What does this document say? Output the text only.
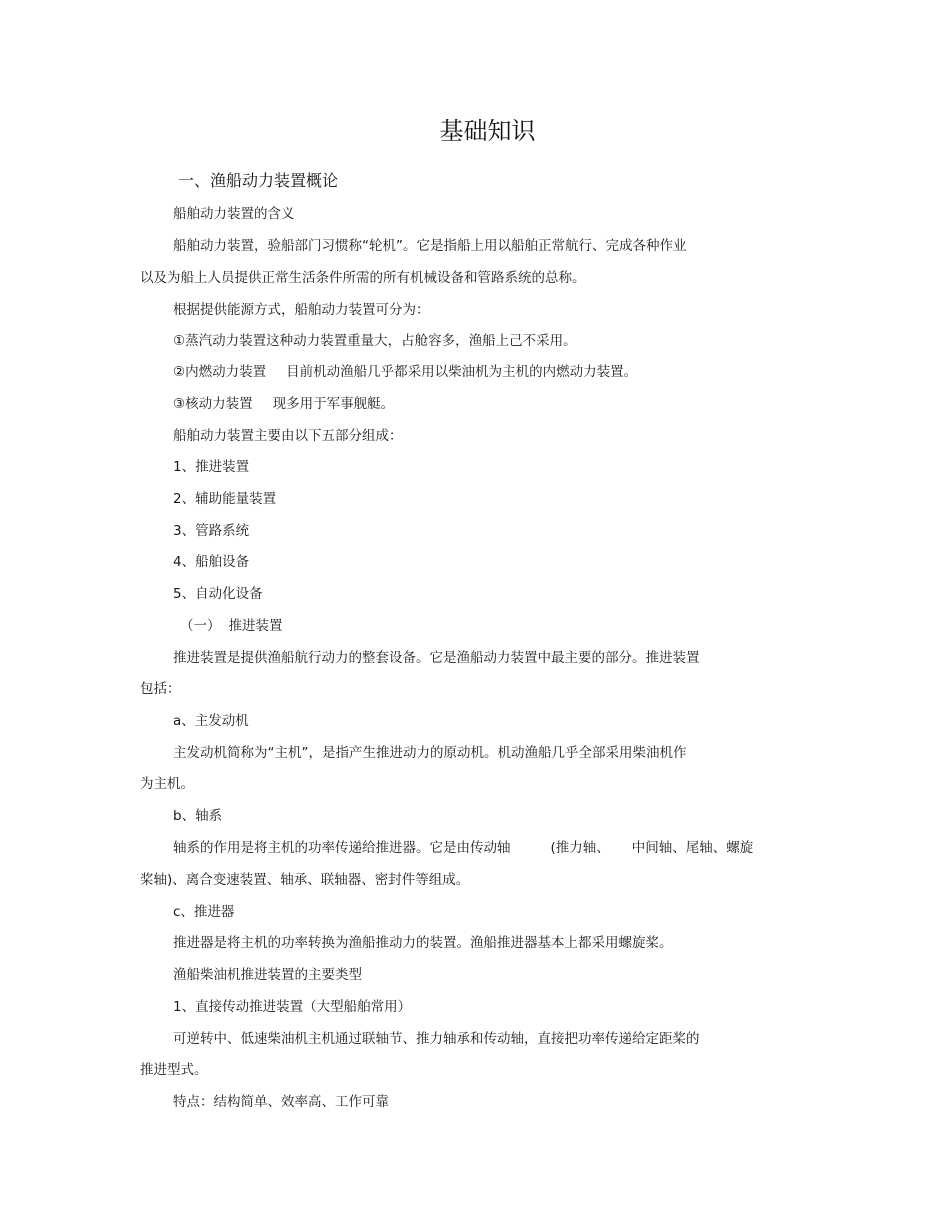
基础知识
一、渔船动力装置概论
船舶动力装置的含义
船舶动力装置，验船部门习惯称“轮机”。它是指船上用以船舶正常航行、完成各种作业
以及为船上人员提供正常生活条件所需的所有机械设备和管路系统的总称。
根据提供能源方式，船舶动力装置可分为：
①蒸汽动力装置这种动力装置重量大，占舱容多，渔船上己不采用。
②内燃动力装置 目前机动渔船几乎都采用以柴油机为主机的内燃动力装置。
③核动力装置 现多用于军事舰艇。
船舶动力装置主要由以下五部分组成：
1、推进装置
2、辅助能量装置
3、管路系统
4、船舶设备
5、自动化设备
（一） 推进装置
推进装置是提供渔船航行动力的整套设备。它是渔船动力装置中最主要的部分。推进装置
包括：
a、主发动机
主发动机简称为“主机”，是指产生推进动力的原动机。机动渔船几乎全部采用柴油机作
为主机。
b、轴系
轴系的作用是将主机的功率传递给推进器。它是由传动轴	(推力轴、 中间轴、尾轴、螺旋
桨轴)、离合变速装置、轴承、联轴器、密封件等组成。
c、推进器
推进器是将主机的功率转换为渔船推动力的装置。渔船推进器基本上都采用螺旋桨。
渔船柴油机推进装置的主要类型
1、直接传动推进装置（大型船舶常用）
可逆转中、低速柴油机主机通过联轴节、推力轴承和传动轴，直接把功率传递给定距桨的
推进型式。
特点：结构简单、效率高、工作可靠
